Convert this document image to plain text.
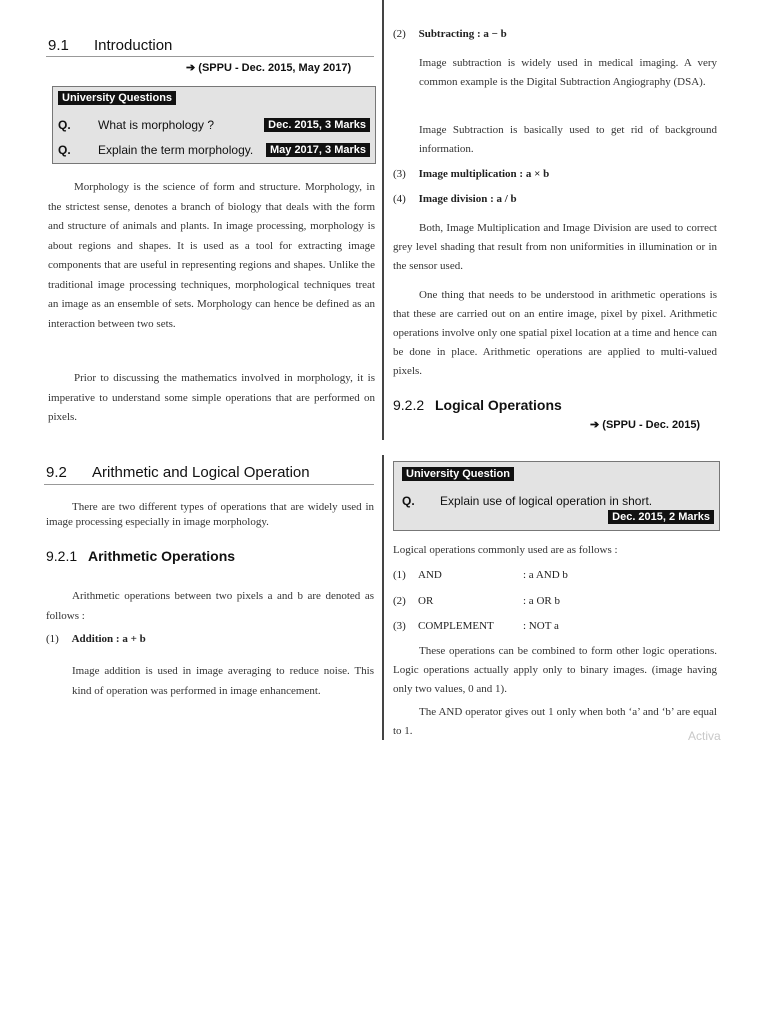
9.1 Introduction
➔ (SPPU - Dec. 2015, May 2017)
University Questions
Q. What is morphology ?	Dec. 2015, 3 Marks
Q. Explain the term morphology.	May 2017, 3 Marks
Morphology is the science of form and structure. Morphology, in the strictest sense, denotes a branch of biology that deals with the form and structure of animals and plants. In image processing, morphology is about regions and shapes. It is used as a tool for extracting image components that are useful in representing regions and shapes. Unlike the traditional image processing techniques, morphological techniques treat an image as an ensemble of sets. Morphology can hence be defined as an interaction between two sets.
Prior to discussing the mathematics involved in morphology, it is imperative to understand some simple operations that are performed on pixels.
9.2 Arithmetic and Logical Operation
There are two different types of operations that are widely used in image processing especially in image morphology.
9.2.1 Arithmetic Operations
Arithmetic operations between two pixels a and b are denoted as follows :
(1) Addition : a + b
Image addition is used in image averaging to reduce noise. This kind of operation was performed in image enhancement.
(2) Subtracting : a − b
Image subtraction is widely used in medical imaging. A very common example is the Digital Subtraction Angiography (DSA).
Image Subtraction is basically used to get rid of background information.
(3) Image multiplication : a × b
(4) Image division : a / b
Both, Image Multiplication and Image Division are used to correct grey level shading that result from non uniformities in illumination or in the sensor used.
One thing that needs to be understood in arithmetic operations is that these are carried out on an entire image, pixel by pixel. Arithmetic operations involve only one spatial pixel location at a time and hence can be done in place. Arithmetic operations are applied to multi-valued pixels.
9.2.2 Logical Operations
➔ (SPPU - Dec. 2015)
University Question
Q. Explain use of logical operation in short.
Dec. 2015, 2 Marks
Logical operations commonly used are as follows :
(1) AND	: a AND b
(2) OR	: a OR b
(3) COMPLEMENT	: NOT a
These operations can be combined to form other logic operations. Logic operations actually apply only to binary images. (image having only two values, 0 and 1).
The AND operator gives out 1 only when both ‘a’ and ‘b’ are equal to 1.	Activa
